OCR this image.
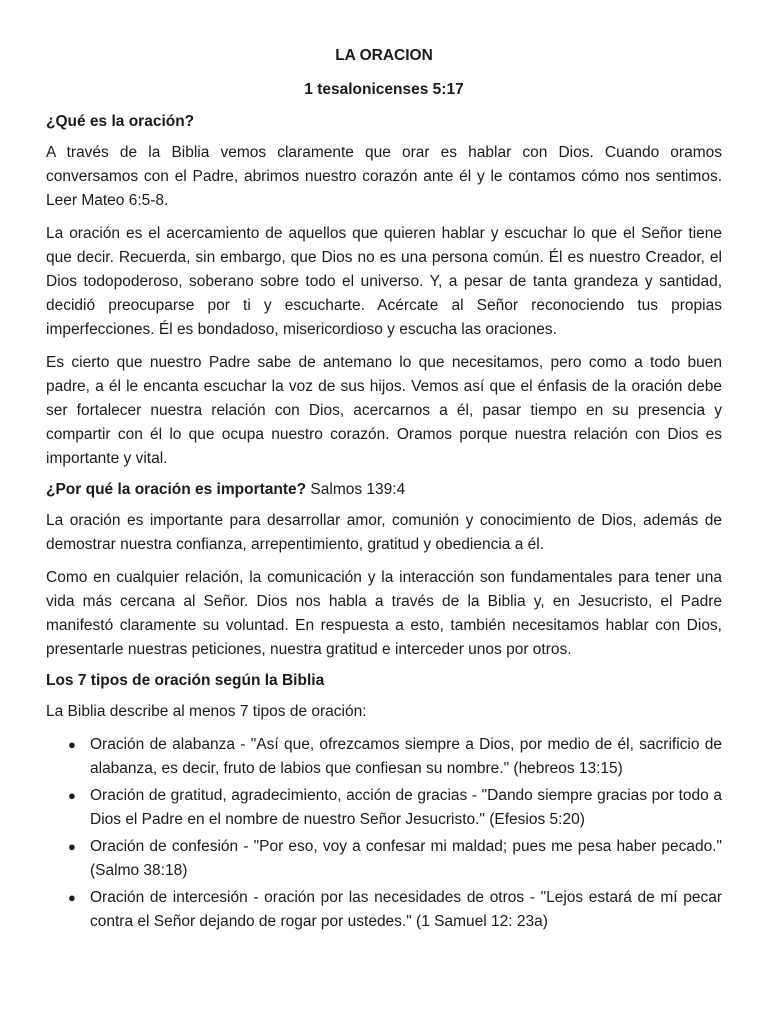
LA ORACION
1 tesalonicenses 5:17
¿Qué es la oración?

A través de la Biblia vemos claramente que orar es hablar con Dios. Cuando oramos conversamos con el Padre, abrimos nuestro corazón ante él y le contamos cómo nos sentimos. Leer Mateo 6:5-8.

La oración es el acercamiento de aquellos que quieren hablar y escuchar lo que el Señor tiene que decir. Recuerda, sin embargo, que Dios no es una persona común. Él es nuestro Creador, el Dios todopoderoso, soberano sobre todo el universo. Y, a pesar de tanta grandeza y santidad, decidió preocuparse por ti y escucharte. Acércate al Señor reconociendo tus propias imperfecciones. Él es bondadoso, misericordioso y escucha las oraciones.

Es cierto que nuestro Padre sabe de antemano lo que necesitamos, pero como a todo buen padre, a él le encanta escuchar la voz de sus hijos. Vemos así que el énfasis de la oración debe ser fortalecer nuestra relación con Dios, acercarnos a él, pasar tiempo en su presencia y compartir con él lo que ocupa nuestro corazón. Oramos porque nuestra relación con Dios es importante y vital.

¿Por qué la oración es importante? Salmos 139:4

La oración es importante para desarrollar amor, comunión y conocimiento de Dios, además de demostrar nuestra confianza, arrepentimiento, gratitud y obediencia a él.

Como en cualquier relación, la comunicación y la interacción son fundamentales para tener una vida más cercana al Señor. Dios nos habla a través de la Biblia y, en Jesucristo, el Padre manifestó claramente su voluntad. En respuesta a esto, también necesitamos hablar con Dios, presentarle nuestras peticiones, nuestra gratitud e interceder unos por otros.

Los 7 tipos de oración según la Biblia

La Biblia describe al menos 7 tipos de oración:

● Oración de alabanza - "Así que, ofrezcamos siempre a Dios, por medio de él, sacrificio de alabanza, es decir, fruto de labios que confiesan su nombre." (hebreos 13:15)
● Oración de gratitud, agradecimiento, acción de gracias - "Dando siempre gracias por todo a Dios el Padre en el nombre de nuestro Señor Jesucristo." (Efesios 5:20)
● Oración de confesión - "Por eso, voy a confesar mi maldad; pues me pesa haber pecado." (Salmo 38:18)
● Oración de intercesión - oración por las necesidades de otros - "Lejos estará de mí pecar contra el Señor dejando de rogar por ustedes." (1 Samuel 12: 23a)
